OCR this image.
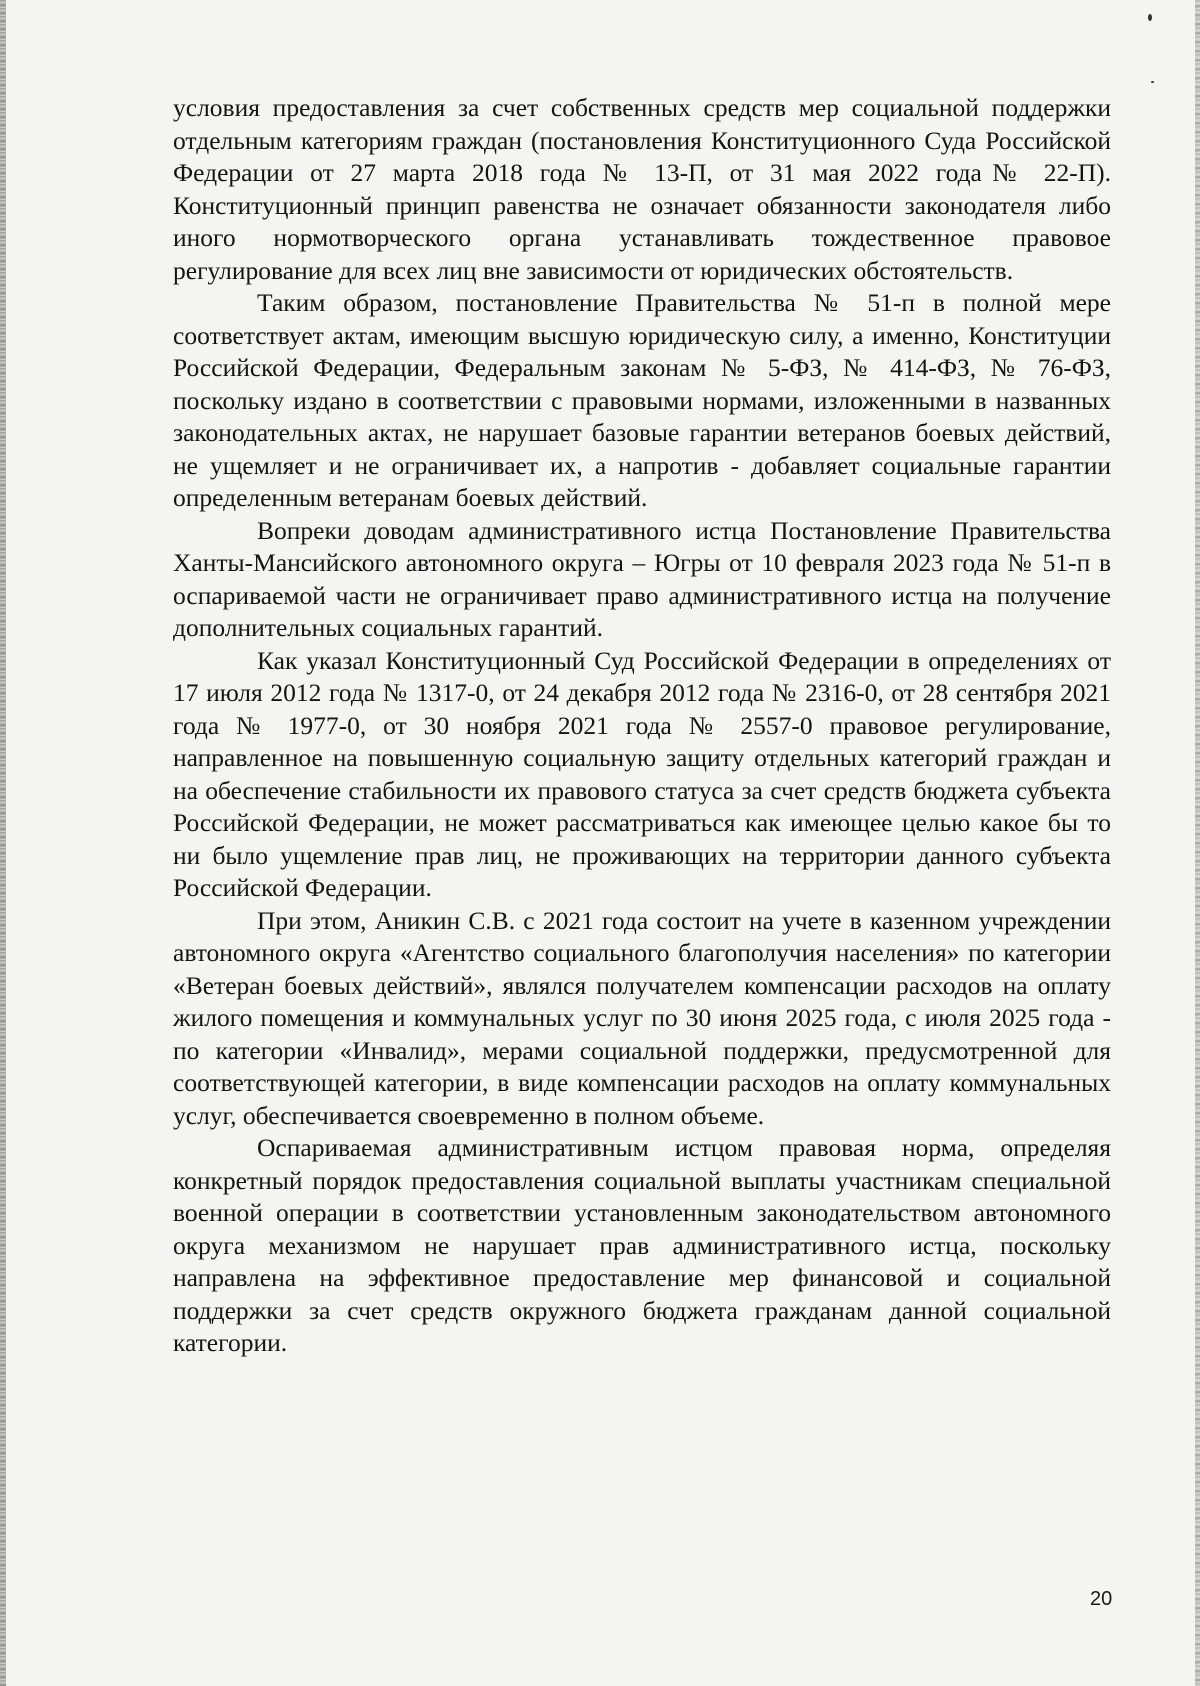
условия предоставления за счет собственных средств мер социальной поддержки отдельным категориям граждан (постановления Конституционного Суда Российской Федерации от 27 марта 2018 года № 13-П, от 31 мая 2022 года№ 22-П). Конституционный принцип равенства не означает обязанности законодателя либо иного нормотворческого органа устанавливать тождественное правовое регулирование для всех лиц вне зависимости от юридических обстоятельств.

Таким образом, постановление Правительства № 51-п в полной мере соответствует актам, имеющим высшую юридическую силу, а именно, Конституции Российской Федерации, Федеральным законам № 5-ФЗ, № 414-ФЗ, № 76-ФЗ, поскольку издано в соответствии с правовыми нормами, изложенными в названных законодательных актах, не нарушает базовые гарантии ветеранов боевых действий, не ущемляет и не ограничивает их, а напротив - добавляет социальные гарантии определенным ветеранам боевых действий.

Вопреки доводам административного истца Постановление Правительства Ханты-Мансийского автономного округа – Югры от 10 февраля 2023 года № 51-п в оспариваемой части не ограничивает право административного истца на получение дополнительных социальных гарантий.

Как указал Конституционный Суд Российской Федерации в определениях от 17 июля 2012 года № 1317-0, от 24 декабря 2012 года № 2316-0, от 28 сентября 2021 года № 1977-0, от 30 ноября 2021 года № 2557-0 правовое регулирование, направленное на повышенную социальную защиту отдельных категорий граждан и на обеспечение стабильности их правового статуса за счет средств бюджета субъекта Российской Федерации, не может рассматриваться как имеющее целью какое бы то ни было ущемление прав лиц, не проживающих на территории данного субъекта Российской Федерации.

При этом, Аникин С.В. с 2021 года состоит на учете в казенном учреждении автономного округа «Агентство социального благополучия населения» по категории «Ветеран боевых действий», являлся получателем компенсации расходов на оплату жилого помещения и коммунальных услуг по 30 июня 2025 года, с июля 2025 года - по категории «Инвалид», мерами социальной поддержки, предусмотренной для соответствующей категории, в виде компенсации расходов на оплату коммунальных услуг, обеспечивается своевременно в полном объеме.

Оспариваемая административным истцом правовая норма, определяя конкретный порядок предоставления социальной выплаты участникам специальной военной операции в соответствии установленным законодательством автономного округа механизмом не нарушает прав административного истца, поскольку направлена на эффективное предоставление мер финансовой и социальной поддержки за счет средств окружного бюджета гражданам данной социальной категории.

20
